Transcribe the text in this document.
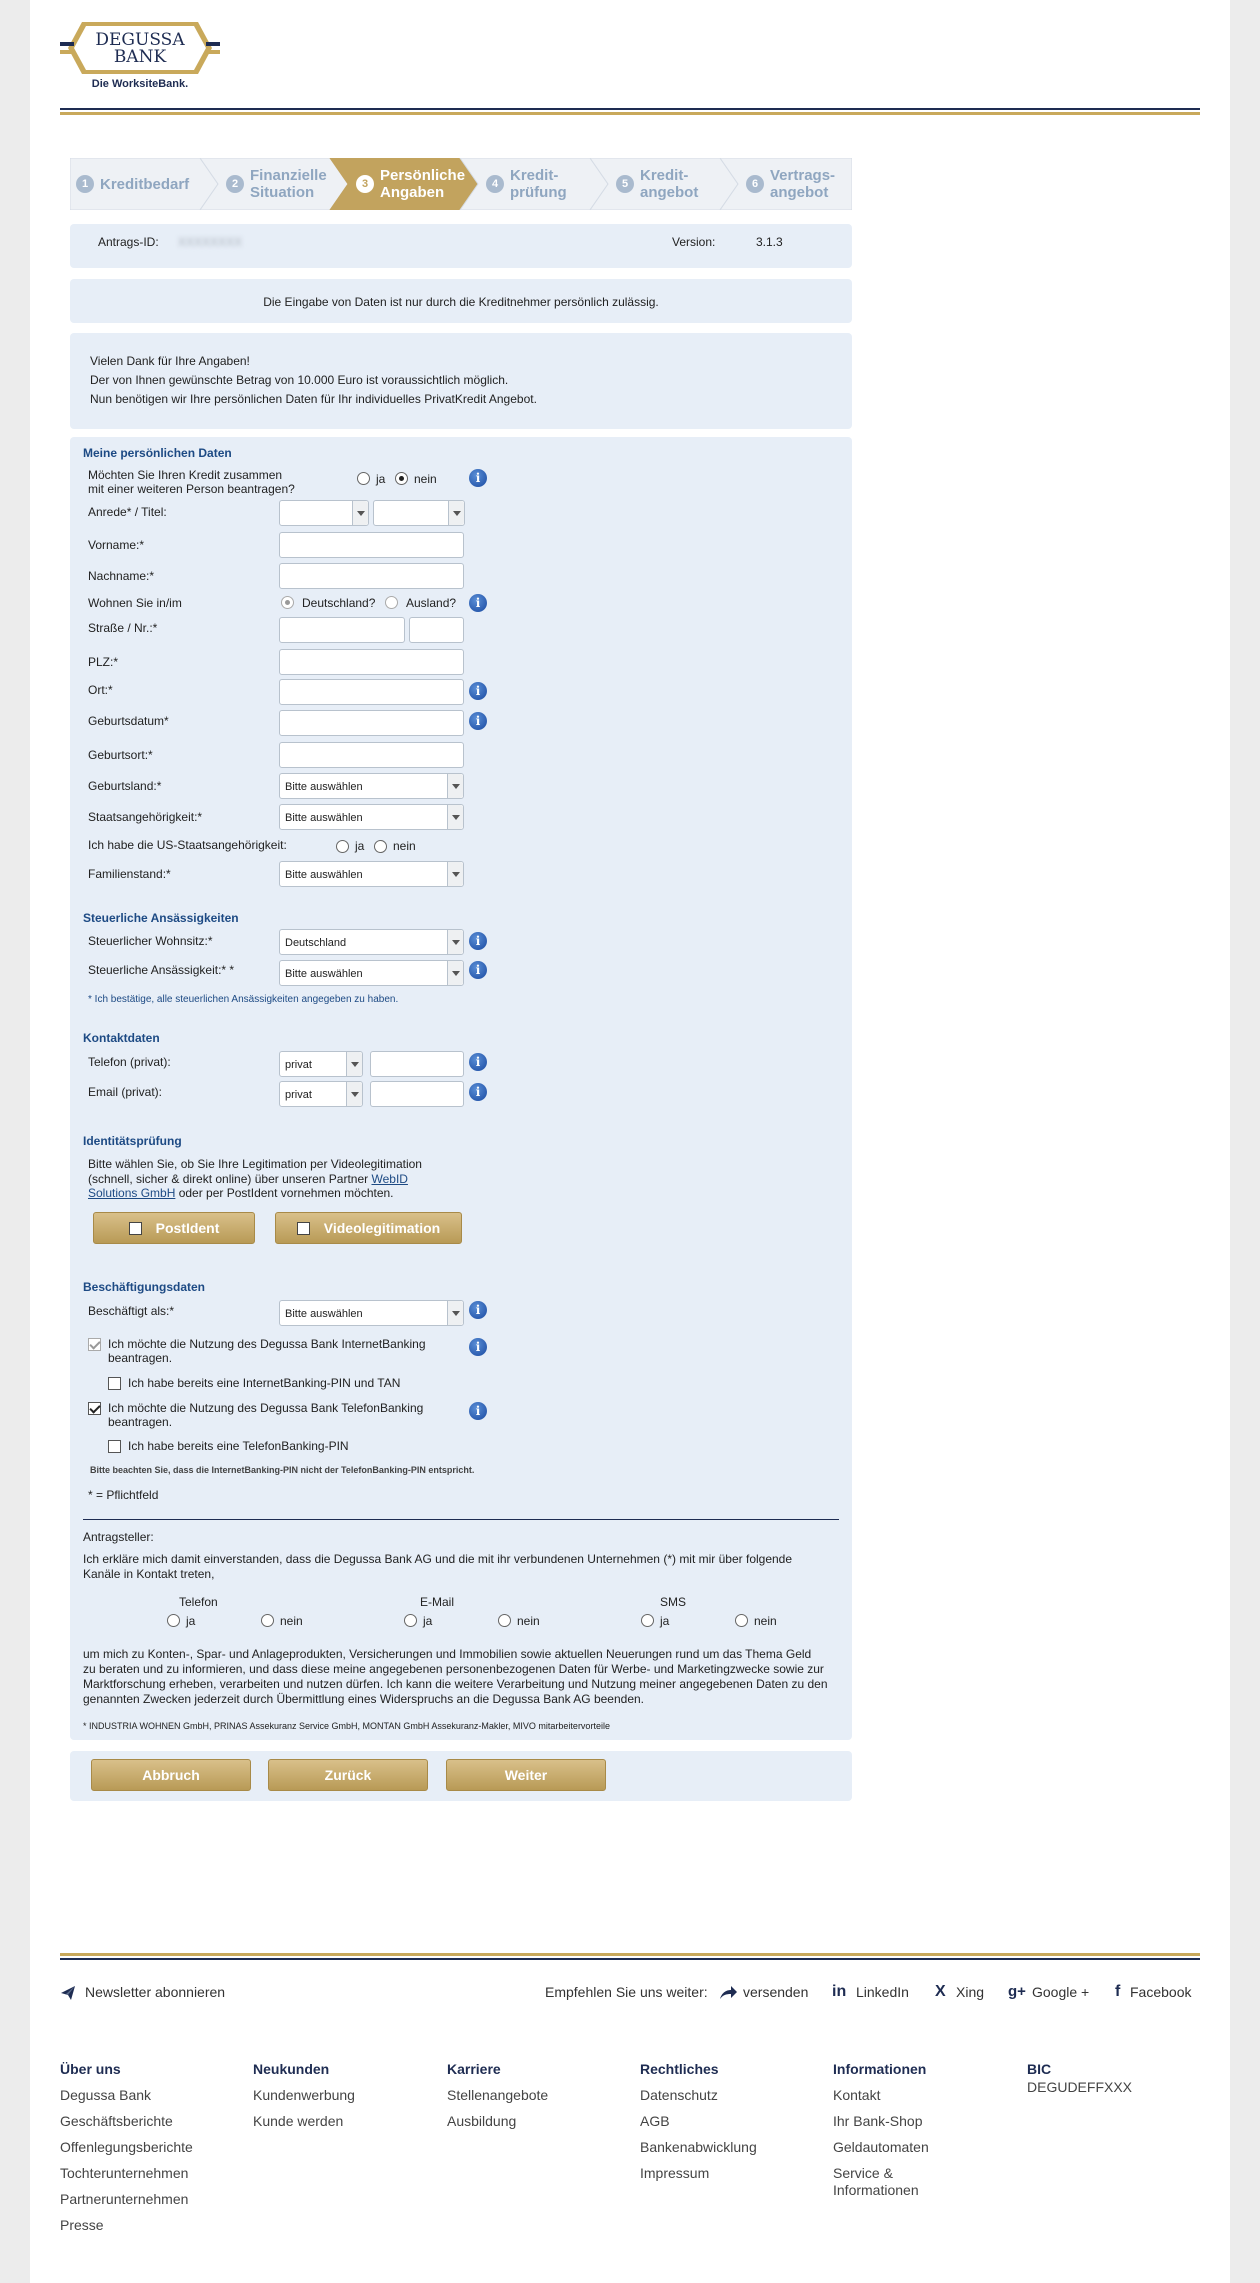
DEGUSSA
BANK
Die WorksiteBank.
1 Kreditbedarf	2 Finanzielle Situation
3 Persönliche Angaben
4 Kredit-prüfung
5 Kredit-angebot
6 Vertrags-angebot
Antrags-ID: XXXXXXXX	Version:	3.1.3
Die Eingabe von Daten ist nur durch die Kreditnehmer persönlich zulässig.
Vielen Dank für Ihre Angaben!
Der von Ihnen gewünschte Betrag von 10.000 Euro ist voraussichtlich möglich.
Nun benötigen wir Ihre persönlichen Daten für Ihr individuelles PrivatKredit Angebot.
Meine persönlichen Daten
Möchten Sie Ihren Kredit zusammen
mit einer weiteren Person beantragen?
ja nein	i
Anrede* / Titel:
Vorname:*
Nachname:*
Wohnen Sie in/im	Deutschland?	Ausland?	i
Straße / Nr.:*
PLZ:*
Ort:*	i
Geburtsdatum*	i
Geburtsort:*
Geburtsland:*	Bitte auswählen
Staatsangehörigkeit:*	Bitte auswählen
Ich habe die US-Staatsangehörigkeit:	ja nein
Familienstand:*	Bitte auswählen
Steuerliche Ansässigkeiten
Steuerlicher Wohnsitz:*	Deutschland	i
Steuerliche Ansässigkeit:* *	Bitte auswählen	i
* Ich bestätige, alle steuerlichen Ansässigkeiten angegeben zu haben.
Kontaktdaten
Telefon (privat):	privat	i
Email (privat):	privat	i
Identitätsprüfung
Bitte wählen Sie, ob Sie Ihre Legitimation per Videolegitimation
(schnell, sicher & direkt online) über unseren Partner WebID
Solutions GmbH oder per PostIdent vornehmen möchten.
PostIdent	Videolegitimation
Beschäftigungsdaten
Beschäftigt als:*	Bitte auswählen	i
Ich möchte die Nutzung des Degussa Bank InternetBanking
beantragen.
i
Ich habe bereits eine InternetBanking-PIN und TAN
Ich möchte die Nutzung des Degussa Bank TelefonBanking
beantragen.
i
Ich habe bereits eine TelefonBanking-PIN
Bitte beachten Sie, dass die InternetBanking-PIN nicht der TelefonBanking-PIN entspricht.
* = Pflichtfeld
Antragsteller:
Ich erkläre mich damit einverstanden, dass die Degussa Bank AG und die mit ihr verbundenen Unternehmen (*) mit mir über folgende
Kanäle in Kontakt treten,
Telefon	E-Mail	SMS
ja	nein	ja	nein	ja	nein
um mich zu Konten-, Spar- und Anlageprodukten, Versicherungen und Immobilien sowie aktuellen Neuerungen rund um das Thema Geld
zu beraten und zu informieren, und dass diese meine angegebenen personenbezogenen Daten für Werbe- und Marketingzwecke sowie zur
Marktforschung erheben, verarbeiten und nutzen dürfen. Ich kann die weitere Verarbeitung und Nutzung meiner angegebenen Daten zu den
genannten Zwecken jederzeit durch Übermittlung eines Widerspruchs an die Degussa Bank AG beenden.
* INDUSTRIA WOHNEN GmbH, PRINAS Assekuranz Service GmbH, MONTAN GmbH Assekuranz-Makler, MIVO mitarbeitervorteile
Abbruch	Zurück	Weiter
Newsletter abonnieren	Empfehlen Sie uns weiter:	versenden in LinkedIn X Xing g+ Google + f Facebook
Über uns
Degussa Bank
Geschäftsberichte
Offenlegungsberichte
Tochterunternehmen
Partnerunternehmen
Presse
Neukunden
Kundenwerbung
Kunde werden
Karriere
Stellenangebote
Ausbildung
Rechtliches
Datenschutz
AGB
Bankenabwicklung
Impressum
Informationen
Kontakt
Ihr Bank-Shop
Geldautomaten
Service &
Informationen
BIC
DEGUDEFFXXX
